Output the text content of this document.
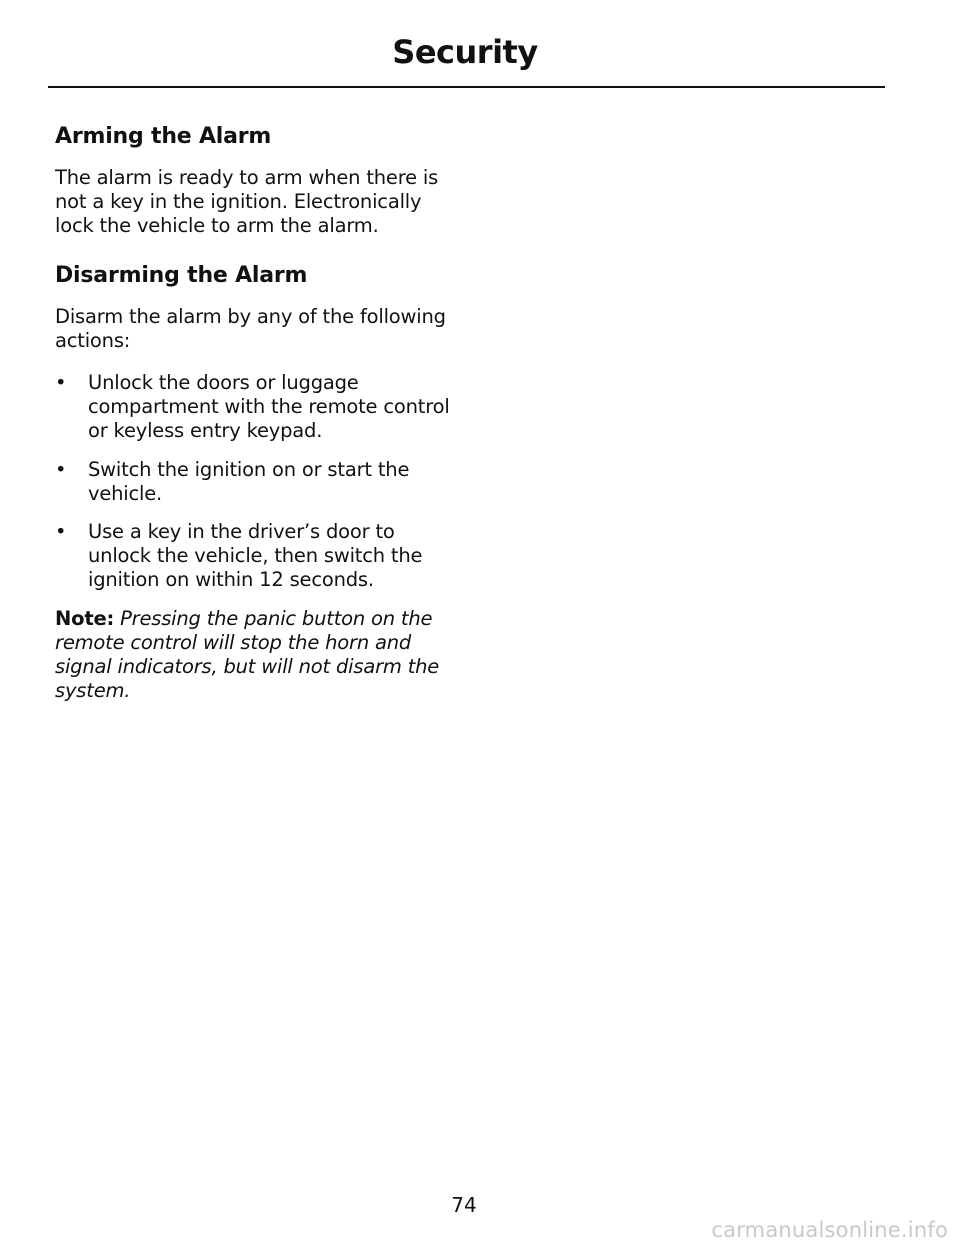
Security
Arming the Alarm

The alarm is ready to arm when there is not a key in the ignition. Electronically lock the vehicle to arm the alarm.

Disarming the Alarm

Disarm the alarm by any of the following actions:

• Unlock the doors or luggage compartment with the remote control or keyless entry keypad.
• Switch the ignition on or start the vehicle.
• Use a key in the driver’s door to unlock the vehicle, then switch the ignition on within 12 seconds.

Note: Pressing the panic button on the remote control will stop the horn and signal indicators, but will not disarm the system.

74
carmanualsonline.info
